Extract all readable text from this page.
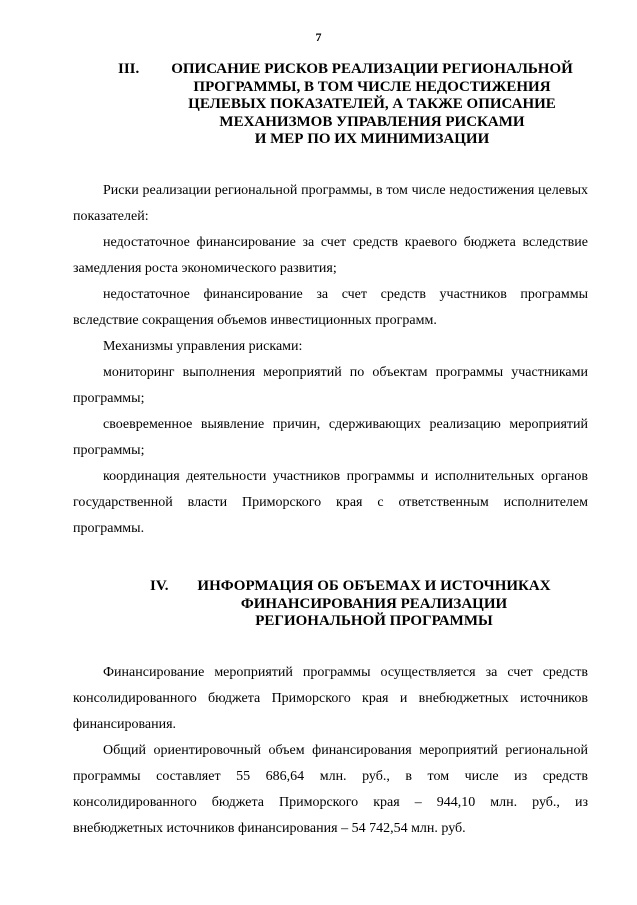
7
III.	ОПИСАНИЕ РИСКОВ РЕАЛИЗАЦИИ РЕГИОНАЛЬНОЙ
ПРОГРАММЫ, В ТОМ ЧИСЛЕ НЕДОСТИЖЕНИЯ
ЦЕЛЕВЫХ ПОКАЗАТЕЛЕЙ, А ТАКЖЕ ОПИСАНИЕ
МЕХАНИЗМОВ УПРАВЛЕНИЯ РИСКАМИ
И МЕР ПО ИХ МИНИМИЗАЦИИ

Риски реализации региональной программы, в том числе недостижения целевых показателей:

недостаточное финансирование за счет средств краевого бюджета вследствие замедления роста экономического развития;

недостаточное финансирование за счет средств участников программы вследствие сокращения объемов инвестиционных программ.

Механизмы управления рисками:

мониторинг выполнения мероприятий по объектам программы участниками программы;

своевременное выявление причин, сдерживающих реализацию мероприятий программы;

координация деятельности участников программы и исполнительных органов государственной власти Приморского края с ответственным исполнителем программы.

IV.	ИНФОРМАЦИЯ ОБ ОБЪЕМАХ И ИСТОЧНИКАХ
ФИНАНСИРОВАНИЯ РЕАЛИЗАЦИИ
РЕГИОНАЛЬНОЙ ПРОГРАММЫ

Финансирование мероприятий программы осуществляется за счет средств консолидированного бюджета Приморского края и внебюджетных источников финансирования.

Общий ориентировочный объем финансирования мероприятий региональной программы составляет 55 686,64 млн. руб., в том числе из средств консолидированного бюджета Приморского края – 944,10 млн. руб., из внебюджетных источников финансирования – 54 742,54 млн. руб.
